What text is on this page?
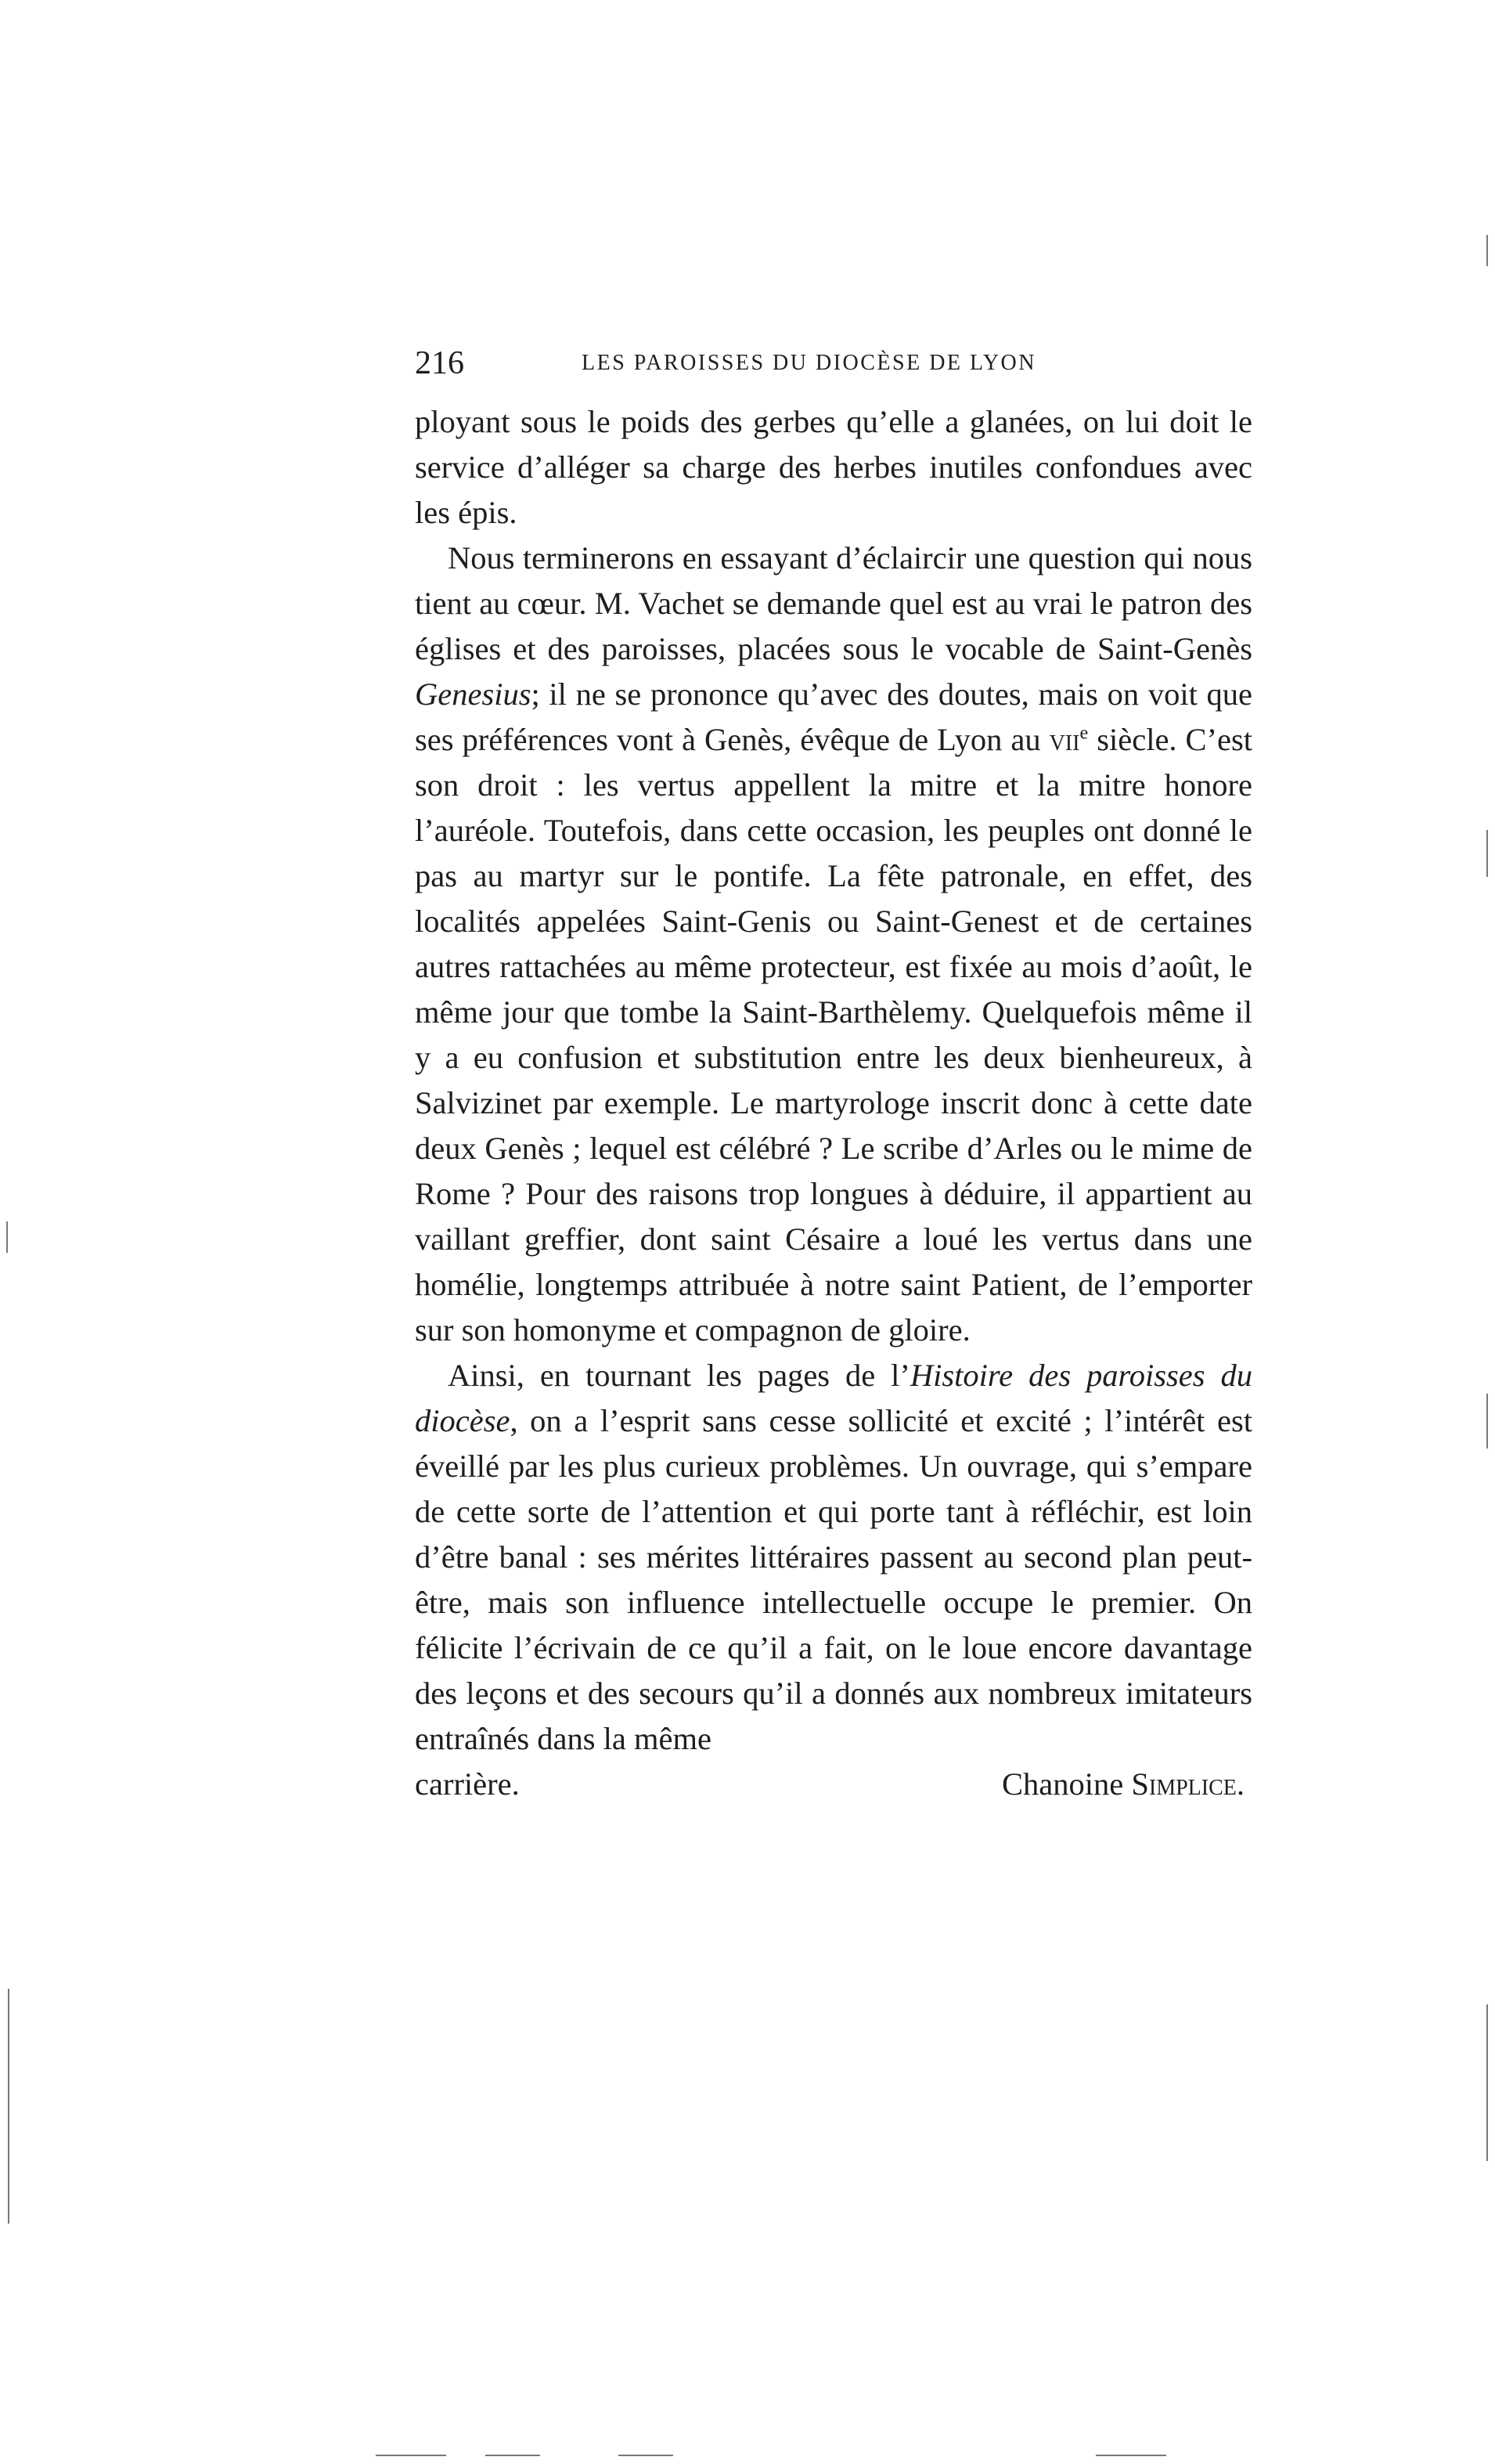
216	LES PAROISSES DU DIOCÈSE DE LYON

ployant sous le poids des gerbes qu’elle a glanées, on lui doit le service d’alléger sa charge des herbes inutiles confondues avec les épis.

Nous terminerons en essayant d’éclaircir une question qui nous tient au cœur. M. Vachet se demande quel est au vrai le patron des églises et des paroisses, placées sous le vocable de Saint-Genès Genesius; il ne se prononce qu’avec des doutes, mais on voit que ses préférences vont à Genès, évêque de Lyon au vii$^e$ siècle. C’est son droit : les vertus appellent la mitre et la mitre honore l’auréole. Toutefois, dans cette occasion, les peuples ont donné le pas au martyr sur le pontife. La fête patronale, en effet, des localités appelées Saint-Genis ou Saint-Genest et de certaines autres rattachées au même protecteur, est fixée au mois d’août, le même jour que tombe la Saint-Barthèlemy. Quelquefois même il y a eu confusion et substitution entre les deux bienheureux, à Salvizinet par exemple. Le martyrologe inscrit donc à cette date deux Genès ; lequel est célébré ? Le scribe d’Arles ou le mime de Rome ? Pour des raisons trop longues à déduire, il appartient au vaillant greffier, dont saint Césaire a loué les vertus dans une homélie, longtemps attribuée à notre saint Patient, de l’emporter sur son homonyme et compagnon de gloire.

Ainsi, en tournant les pages de l’Histoire des paroisses du diocèse, on a l’esprit sans cesse sollicité et excité ; l’intérêt est éveillé par les plus curieux problèmes. Un ouvrage, qui s’empare de cette sorte de l’attention et qui porte tant à réfléchir, est loin d’être banal : ses mérites littéraires passent au second plan peut-être, mais son influence intellectuelle occupe le premier. On félicite l’écrivain de ce qu’il a fait, on le loue encore davantage des leçons et des secours qu’il a donnés aux nombreux imitateurs entraînés dans la même

carrière.	Chanoine Simplice.
